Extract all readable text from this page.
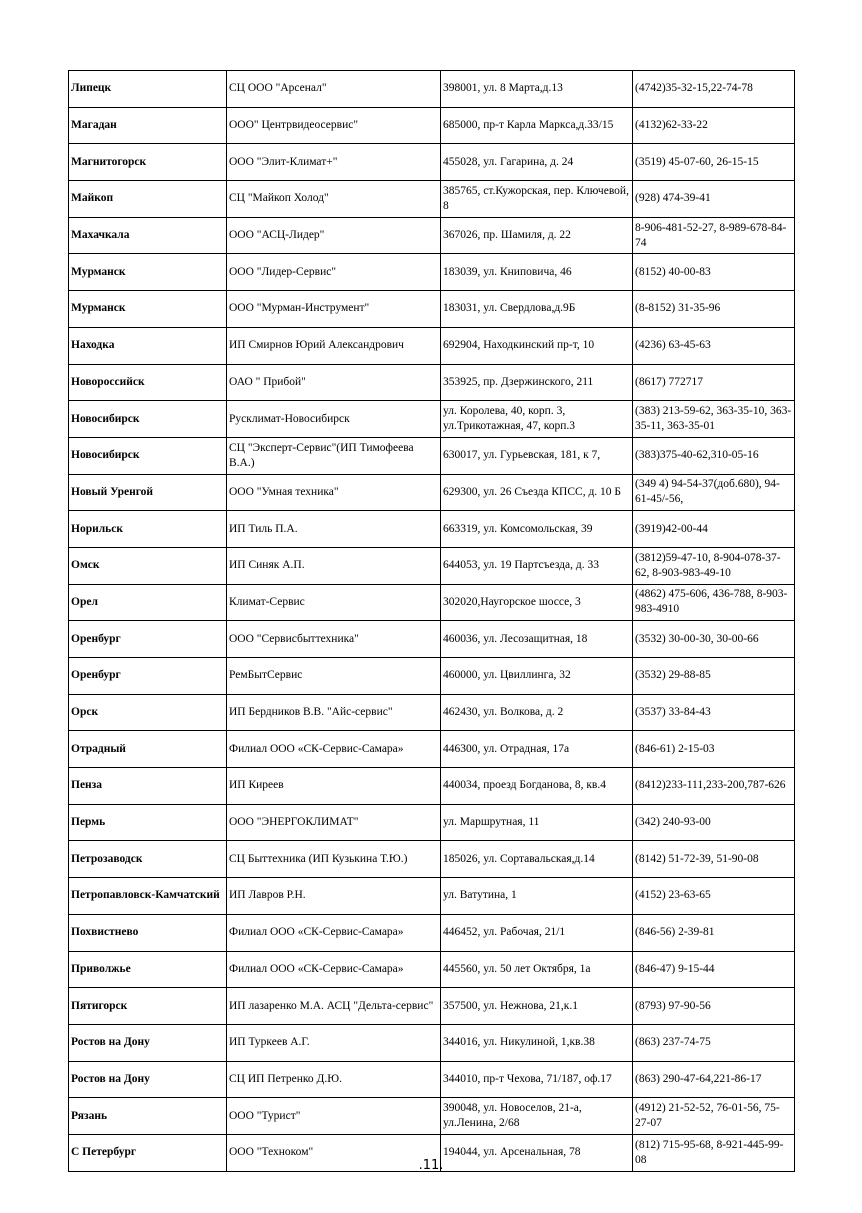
Липецк	СЦ ООО "Арсенал"	398001, ул. 8 Марта,д.13	(4742)35-32-15,22-74-78
Магадан	ООО" Центрвидеосервис"	685000, пр-т Карла Маркса,д.33/15	(4132)62-33-22
Магнитогорск	ООО "Элит-Климат+"	455028, ул. Гагарина, д. 24	(3519) 45-07-60, 26-15-15
Майкоп	СЦ "Майкоп Холод"	385765, ст.Кужорская, пер. Ключевой, 8	(928) 474-39-41
Махачкала	ООО "АСЦ-Лидер"	367026, пр. Шамиля, д. 22	8-906-481-52-27, 8-989-678-84-74
Мурманск	ООО "Лидер-Сервис"	183039, ул. Книповича, 46	(8152) 40-00-83
Мурманск	ООО "Мурман-Инструмент"	183031, ул. Свердлова,д.9Б	(8-8152) 31-35-96
Находка	ИП Смирнов Юрий Александрович	692904, Находкинский пр-т, 10	(4236) 63-45-63
Новороссийск	ОАО " Прибой"	353925, пр. Дзержинского, 211	(8617) 772717
Новосибирск	Русклимат-Новосибирск	ул. Королева, 40, корп. 3, ул.Трикотажная, 47, корп.3	(383) 213-59-62, 363-35-10, 363-35-11, 363-35-01
Новосибирск	СЦ "Эксперт-Сервис"(ИП Тимофеева В.А.)	630017, ул. Гурьевская, 181, к 7,	(383)375-40-62,310-05-16
Новый Уренгой	ООО "Умная техника"	629300, ул. 26 Съезда КПСС, д. 10 Б	(349 4) 94-54-37(доб.680), 94-61-45/-56,
Норильск	ИП Тиль П.А.	663319, ул. Комсомольская, 39	(3919)42-00-44
Омск	ИП Синяк А.П.	644053, ул. 19 Партсъезда, д. 33	(3812)59-47-10, 8-904-078-37-62, 8-903-983-49-10
Орел	Климат-Сервис	302020,Наугорское шоссе, 3	(4862) 475-606, 436-788, 8-903-983-4910
Оренбург	ООО "Сервисбыттехника"	460036, ул. Лесозащитная, 18	(3532) 30-00-30, 30-00-66
Оренбург	РемБытСервис	460000, ул. Цвиллинга, 32	(3532) 29-88-85
Орск	ИП Бердников В.В. "Айс-сервис"	462430, ул. Волкова, д. 2	(3537) 33-84-43
Отрадный	Филиал ООО «СК-Сервис-Самара»	446300, ул. Отрадная, 17а	(846-61) 2-15-03
Пенза	ИП Киреев	440034, проезд Богданова, 8, кв.4	(8412)233-111,233-200,787-626
Пермь	ООО "ЭНЕРГОКЛИМАТ"	ул. Маршрутная, 11	(342) 240-93-00
Петрозаводск	СЦ Быттехника (ИП Кузькина Т.Ю.)	185026, ул. Сортавальская,д.14	(8142) 51-72-39, 51-90-08
Петропавловск-Камчатский	ИП Лавров Р.Н.	ул. Ватутина, 1	(4152) 23-63-65
Похвистнево	Филиал ООО «СК-Сервис-Самара»	446452, ул. Рабочая, 21/1	(846-56) 2-39-81
Приволжье	Филиал ООО «СК-Сервис-Самара»	445560, ул. 50 лет Октября, 1а	(846-47) 9-15-44
Пятигорск	ИП лазаренко М.А. АСЦ "Дельта-сервис"	357500, ул. Нежнова, 21,к.1	(8793) 97-90-56
Ростов на Дону	ИП Туркеев А.Г.	344016, ул. Никулиной, 1,кв.38	(863) 237-74-75
Ростов на Дону	СЦ ИП Петренко Д.Ю.	344010, пр-т Чехова, 71/187, оф.17	(863) 290-47-64,221-86-17
Рязань	ООО "Турист"	390048, ул. Новоселов, 21-а, ул.Ленина, 2/68	(4912) 21-52-52, 76-01-56, 75-27-07
С Петербург	ООО "Техноком"	194044, ул. Арсенальная, 78	(812) 715-95-68, 8-921-445-99-08
.11.
